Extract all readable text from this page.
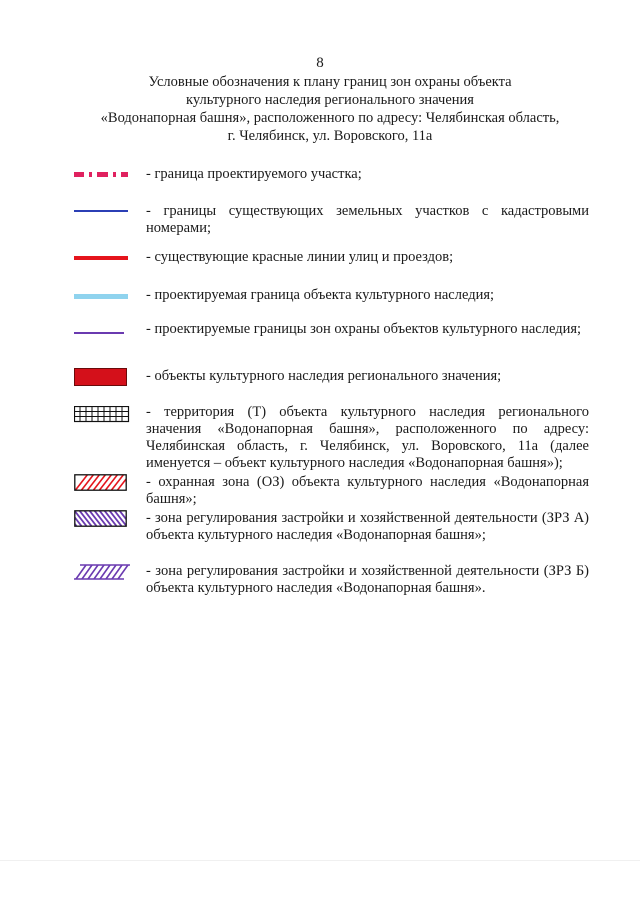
8
Условные обозначения к плану границ зон охраны объекта
культурного наследия регионального значения
«Водонапорная башня», расположенного по адресу: Челябинская область,
г. Челябинск, ул. Воровского, 11а
- граница проектируемого участка;
- границы существующих земельных участков с кадастровыми номерами;
- существующие красные линии улиц и проездов;
- проектируемая граница объекта культурного наследия;
- проектируемые границы зон охраны объектов культурного наследия;
- объекты культурного наследия регионального значения;
- территория (Т) объекта культурного наследия регионального значения «Водонапорная башня», расположенного по адресу: Челябинская область, г. Челябинск, ул. Воровского, 11а (далее именуется – объект культурного наследия «Водонапорная башня»);
- охранная зона (ОЗ) объекта культурного наследия «Водонапорная башня»;
- зона регулирования застройки и хозяйственной деятельности (ЗРЗ А) объекта культурного наследия «Водонапорная башня»;
- зона регулирования застройки и хозяйственной деятельности (ЗРЗ Б) объекта культурного наследия «Водонапорная башня».
